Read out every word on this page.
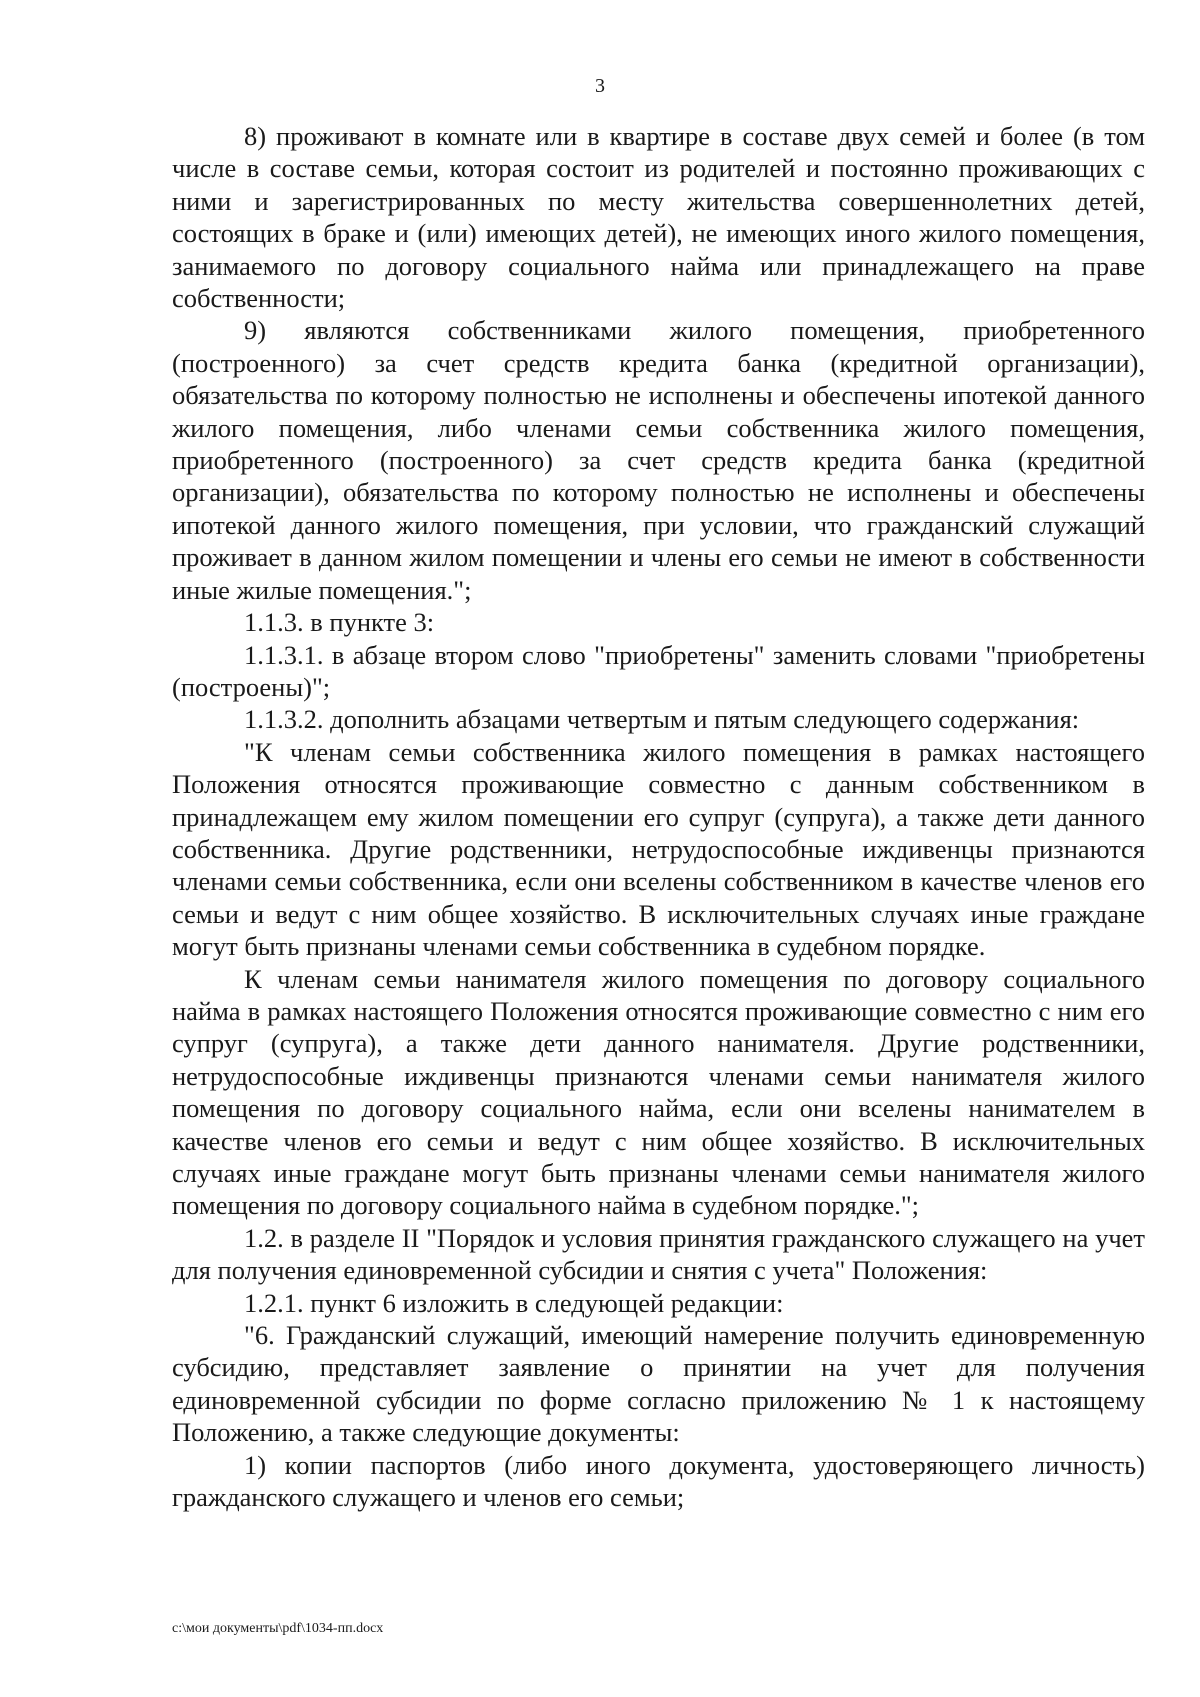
3

8) проживают в комнате или в квартире в составе двух семей и более (в том числе в составе семьи, которая состоит из родителей и постоянно проживающих с ними и зарегистрированных по месту жительства совершеннолетних детей, состоящих в браке и (или) имеющих детей), не имеющих иного жилого помещения, занимаемого по договору социального найма или принадлежащего на праве собственности;

9) являются собственниками жилого помещения, приобретенного (построенного) за счет средств кредита банка (кредитной организации), обязательства по которому полностью не исполнены и обеспечены ипотекой данного жилого помещения, либо членами семьи собственника жилого помещения, приобретенного (построенного) за счет средств кредита банка (кредитной организации), обязательства по которому полностью не исполнены и обеспечены ипотекой данного жилого помещения, при условии, что гражданский служащий проживает в данном жилом помещении и члены его семьи не имеют в собственности иные жилые помещения.";

1.1.3. в пункте 3:

1.1.3.1. в абзаце втором слово "приобретены" заменить словами "приобретены (построены)";

1.1.3.2. дополнить абзацами четвертым и пятым следующего содержания:

"К членам семьи собственника жилого помещения в рамках настоящего Положения относятся проживающие совместно с данным собственником в принадлежащем ему жилом помещении его супруг (супруга), а также дети данного собственника. Другие родственники, нетрудоспособные иждивенцы признаются членами семьи собственника, если они вселены собственником в качестве членов его семьи и ведут с ним общее хозяйство. В исключительных случаях иные граждане могут быть признаны членами семьи собственника в судебном порядке.

К членам семьи нанимателя жилого помещения по договору социального найма в рамках настоящего Положения относятся проживающие совместно с ним его супруг (супруга), а также дети данного нанимателя. Другие родственники, нетрудоспособные иждивенцы признаются членами семьи нанимателя жилого помещения по договору социального найма, если они вселены нанимателем в качестве членов его семьи и ведут с ним общее хозяйство. В исключительных случаях иные граждане могут быть признаны членами семьи нанимателя жилого помещения по договору социального найма в судебном порядке.";

1.2. в разделе II "Порядок и условия принятия гражданского служащего на учет для получения единовременной субсидии и снятия с учета" Положения:

1.2.1. пункт 6 изложить в следующей редакции:

"6. Гражданский служащий, имеющий намерение получить единовременную субсидию, представляет заявление о принятии на учет для получения единовременной субсидии по форме согласно приложению № 1 к настоящему Положению, а также следующие документы:

1) копии паспортов (либо иного документа, удостоверяющего личность) гражданского служащего и членов его семьи;

c:\мои документы\pdf\1034-пп.docx
